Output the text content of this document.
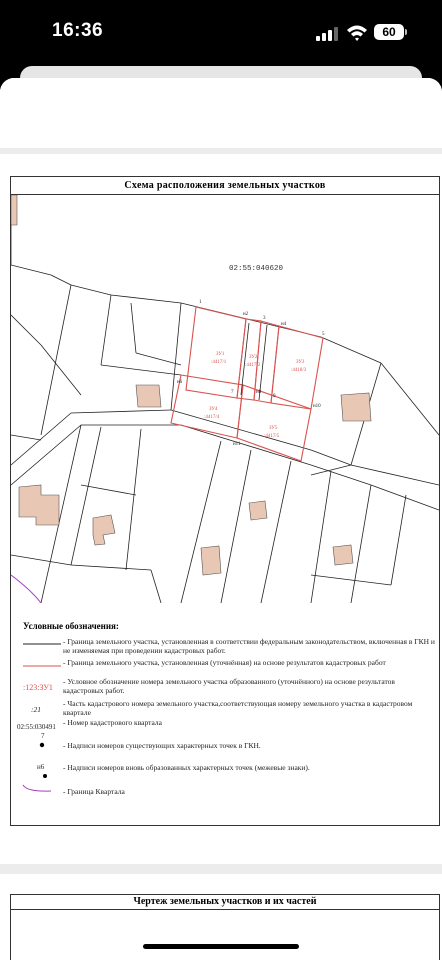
16:36	60
Схема расположения земельных участков
02:55:040620
ЗУ1
:4417/1
ЗУ2
:4417/2
ЗУ3
:4418/3
ЗУ4
:4417/4
ЗУ5
:4417/5
1
н2
3
н4
5
н6
7	н8
9
н10
н11
Условные обозначения:
- Граница земельного участка, установленная в соответствии федеральным законодательством, включенная в ГКН и не изменяемая при проведении кадастровых работ.
- Граница земельного участка, установленная (уточнённая) на основе результатов кадастровых работ
:123:ЗУ1
- Условное обозначение номера земельного участка образованного (уточнённого) на основе результатов кадастровых работ.
:21
- Часть кадастрового номера земельного участка,соответствующая номеру земельного участка в кадастровом квартале
02:55:030491 - Номер кадастрового квартала
7
- Надписи номеров существующих характерных точек в ГКН.
н6	- Надписи номеров вновь образованных характерных точек (межевые знаки).
- Граница Квартала
Чертеж земельных участков и их частей
